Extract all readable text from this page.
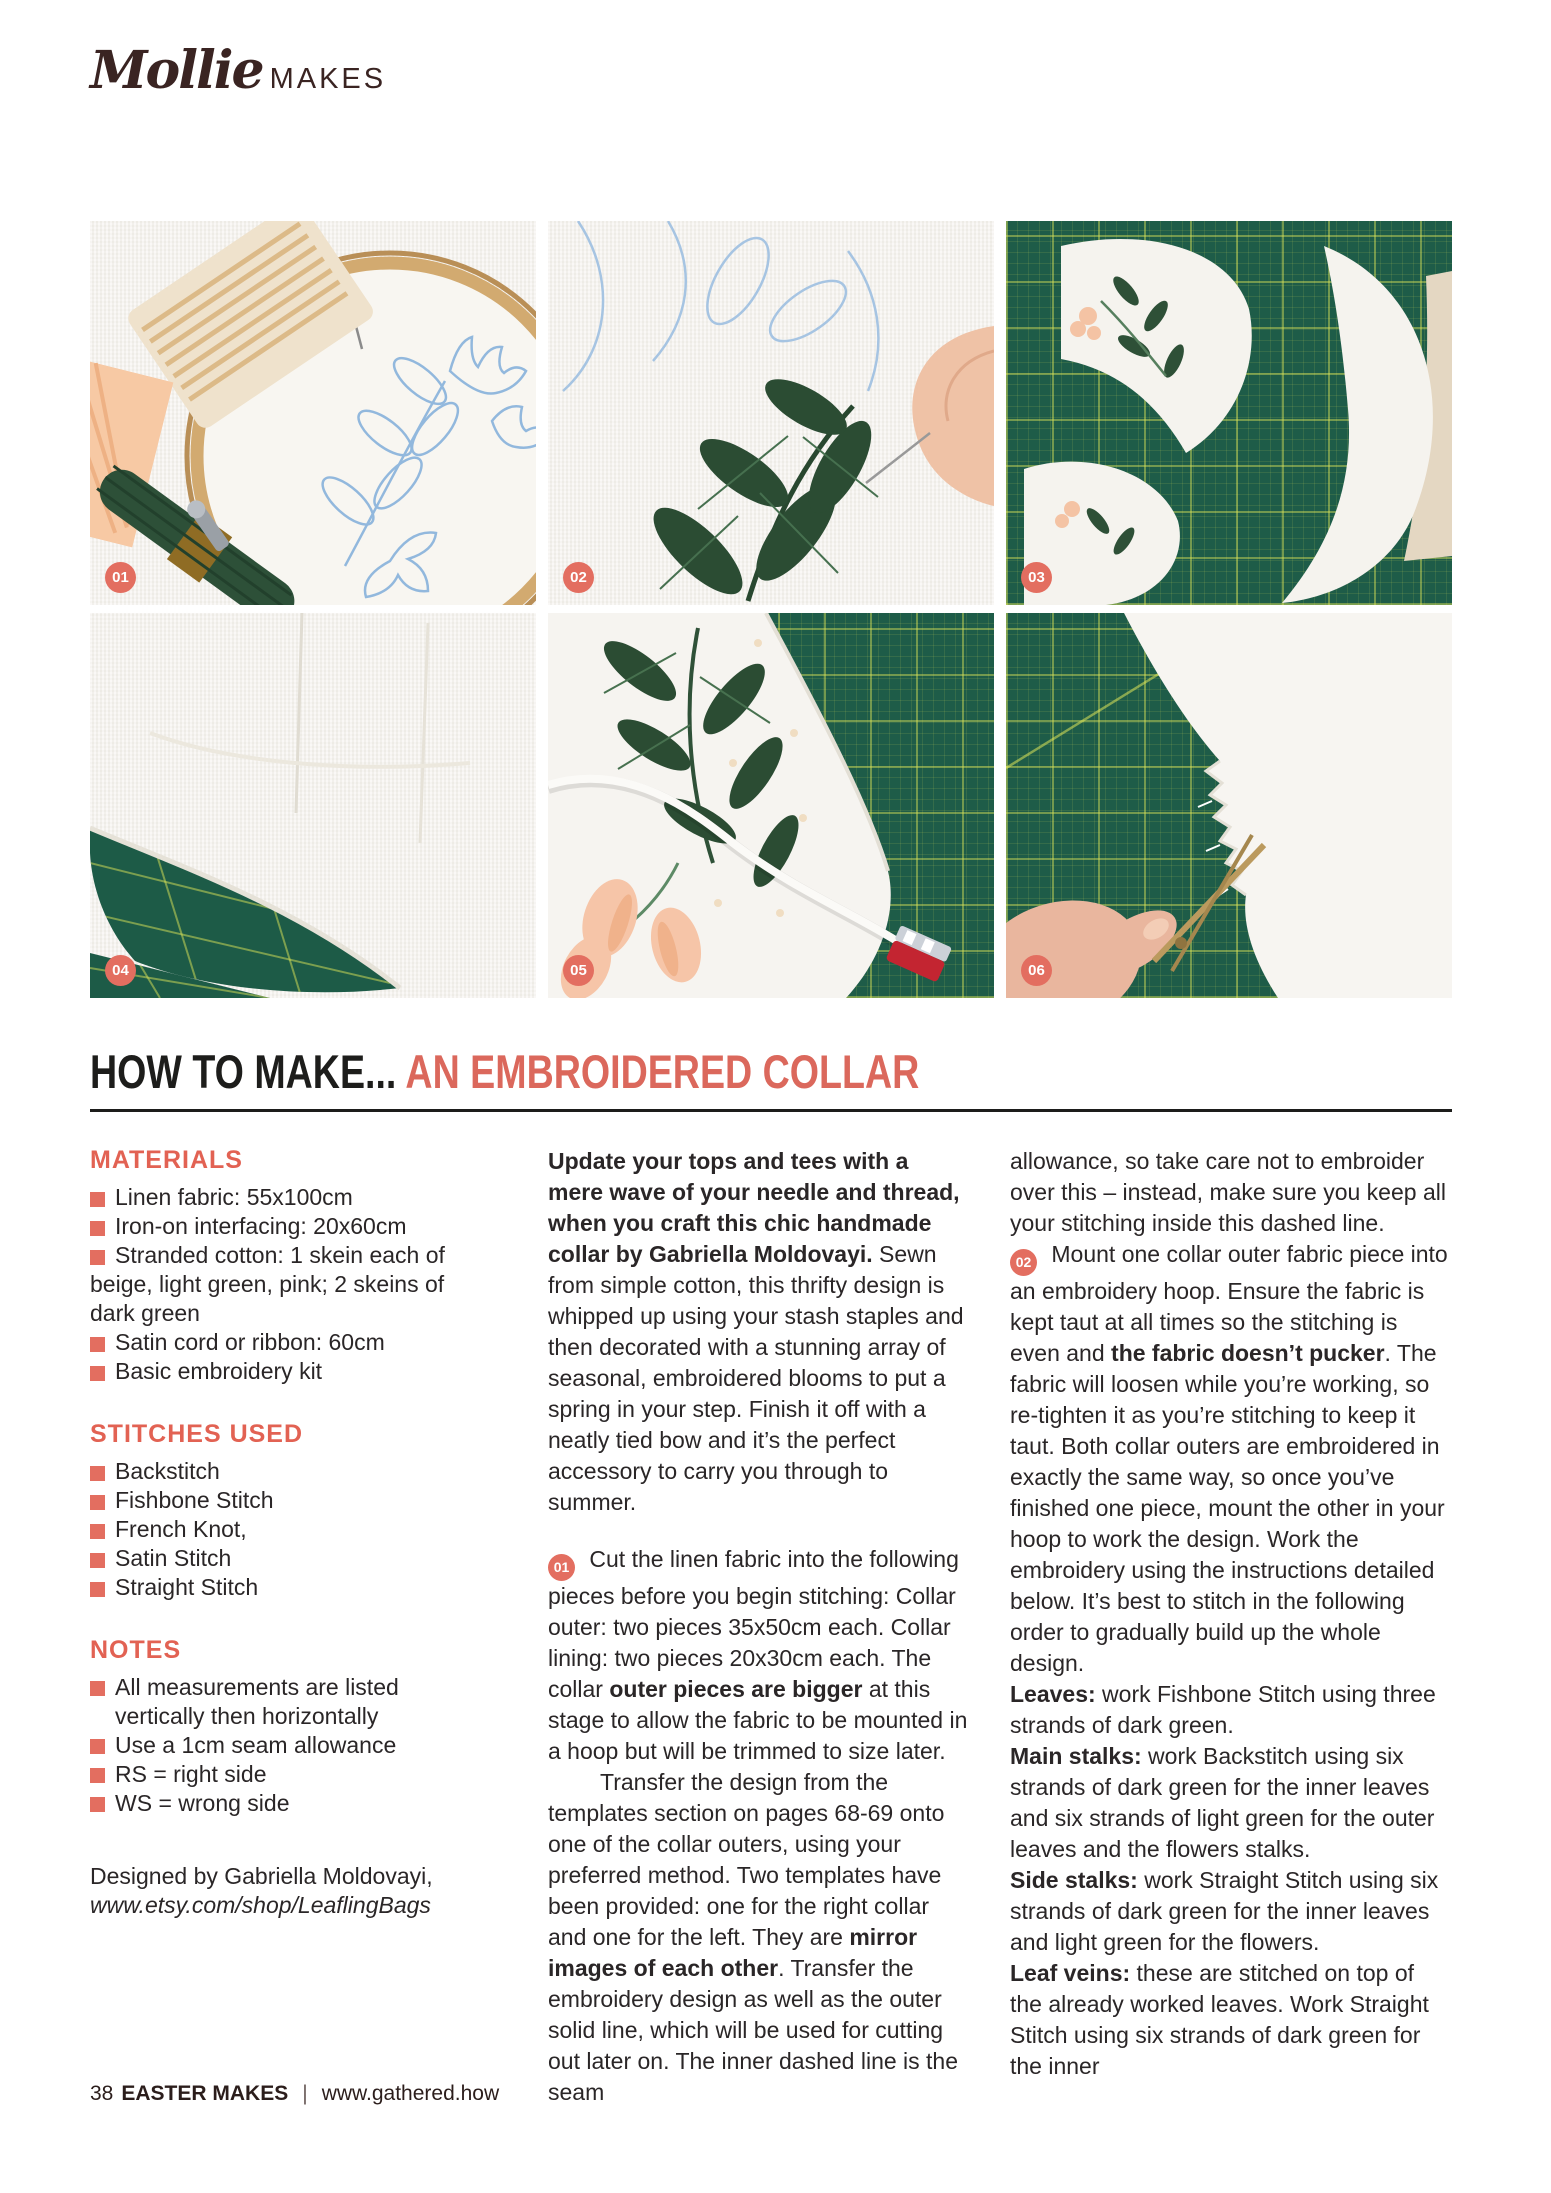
Mollie MAKES
01	02	03
04	05	06
HOW TO MAKE... AN EMBROIDERED COLLAR
MATERIALS
Linen fabric: 55x100cm
Iron-on interfacing: 20x60cm
Stranded cotton: 1 skein each of beige, light green, pink; 2 skeins of dark green
Satin cord or ribbon: 60cm
Basic embroidery kit
STITCHES USED
Backstitch
Fishbone Stitch
French Knot,
Satin Stitch
Straight Stitch
NOTES
All measurements are listed vertically then horizontally
Use a 1cm seam allowance
RS = right side
WS = wrong side
Designed by Gabriella Moldovayi, www.etsy.com/shop/LeaflingBags

Update your tops and tees with a mere wave of your needle and thread, when you craft this chic handmade collar by Gabriella Moldovayi. Sewn from simple cotton, this thrifty design is whipped up using your stash staples and then decorated with a stunning array of seasonal, embroidered blooms to put a spring in your step. Finish it off with a neatly tied bow and it’s the perfect accessory to carry you through to summer.

01 Cut the linen fabric into the following pieces before you begin stitching: Collar outer: two pieces 35x50cm each. Collar lining: two pieces 20x30cm each. The collar outer pieces are bigger at this stage to allow the fabric to be mounted in a hoop but will be trimmed to size later.

Transfer the design from the templates section on pages 68-69 onto one of the collar outers, using your preferred method. Two templates have been provided: one for the right collar and one for the left. They are mirror images of each other. Transfer the embroidery design as well as the outer solid line, which will be used for cutting out later on. The inner dashed line is the seam

allowance, so take care not to embroider over this – instead, make sure you keep all your stitching inside this dashed line.

02 Mount one collar outer fabric piece into an embroidery hoop. Ensure the fabric is kept taut at all times so the stitching is even and the fabric doesn’t pucker. The fabric will loosen while you’re working, so re-tighten it as you’re stitching to keep it taut. Both collar outers are embroidered in exactly the same way, so once you’ve finished one piece, mount the other in your hoop to work the design. Work the embroidery using the instructions detailed below. It’s best to stitch in the following order to gradually build up the whole design.

Leaves: work Fishbone Stitch using three strands of dark green.

Main stalks: work Backstitch using six strands of dark green for the inner leaves and six strands of light green for the outer leaves and the flowers stalks.

Side stalks: work Straight Stitch using six strands of dark green for the inner leaves and light green for the flowers.

Leaf veins: these are stitched on top of the already worked leaves. Work Straight Stitch using six strands of dark green for the inner

38 EASTER MAKES | www.gathered.how
